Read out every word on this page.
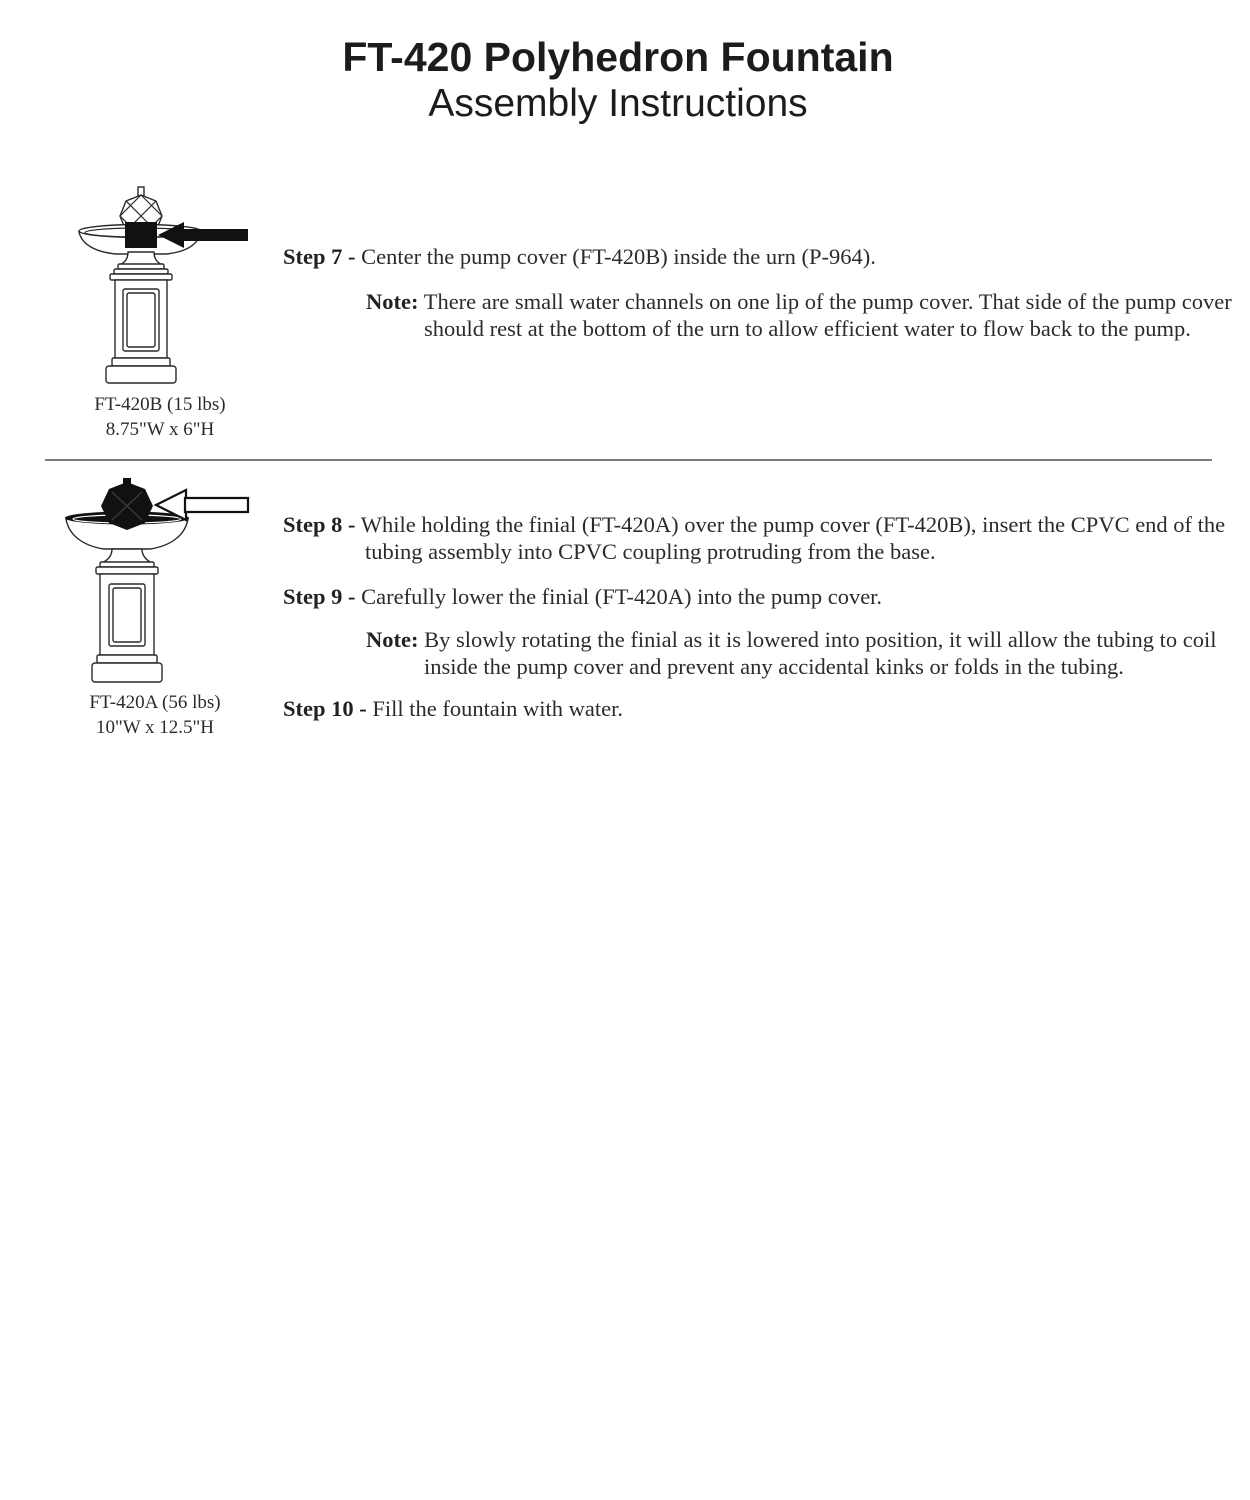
FT-420 Polyhedron Fountain
Assembly Instructions
FT-420B (15 lbs)
8.75"W x 6"H
Step 7 - Center the pump cover (FT-420B) inside the urn (P-964).
Note: There are small water channels on one lip of the pump cover. That side of the pump cover should rest at the bottom of the urn to allow efficient water to flow back to the pump.
FT-420A (56 lbs)
10"W x 12.5"H
Step 8 - While holding the finial (FT-420A) over the pump cover (FT-420B), insert the CPVC end of the tubing assembly into CPVC coupling protruding from the base.
Step 9 - Carefully lower the finial (FT-420A) into the pump cover.
Note: By slowly rotating the finial as it is lowered into position, it will allow the tubing to coil inside the pump cover and prevent any accidental kinks or folds in the tubing.
Step 10 - Fill the fountain with water.
